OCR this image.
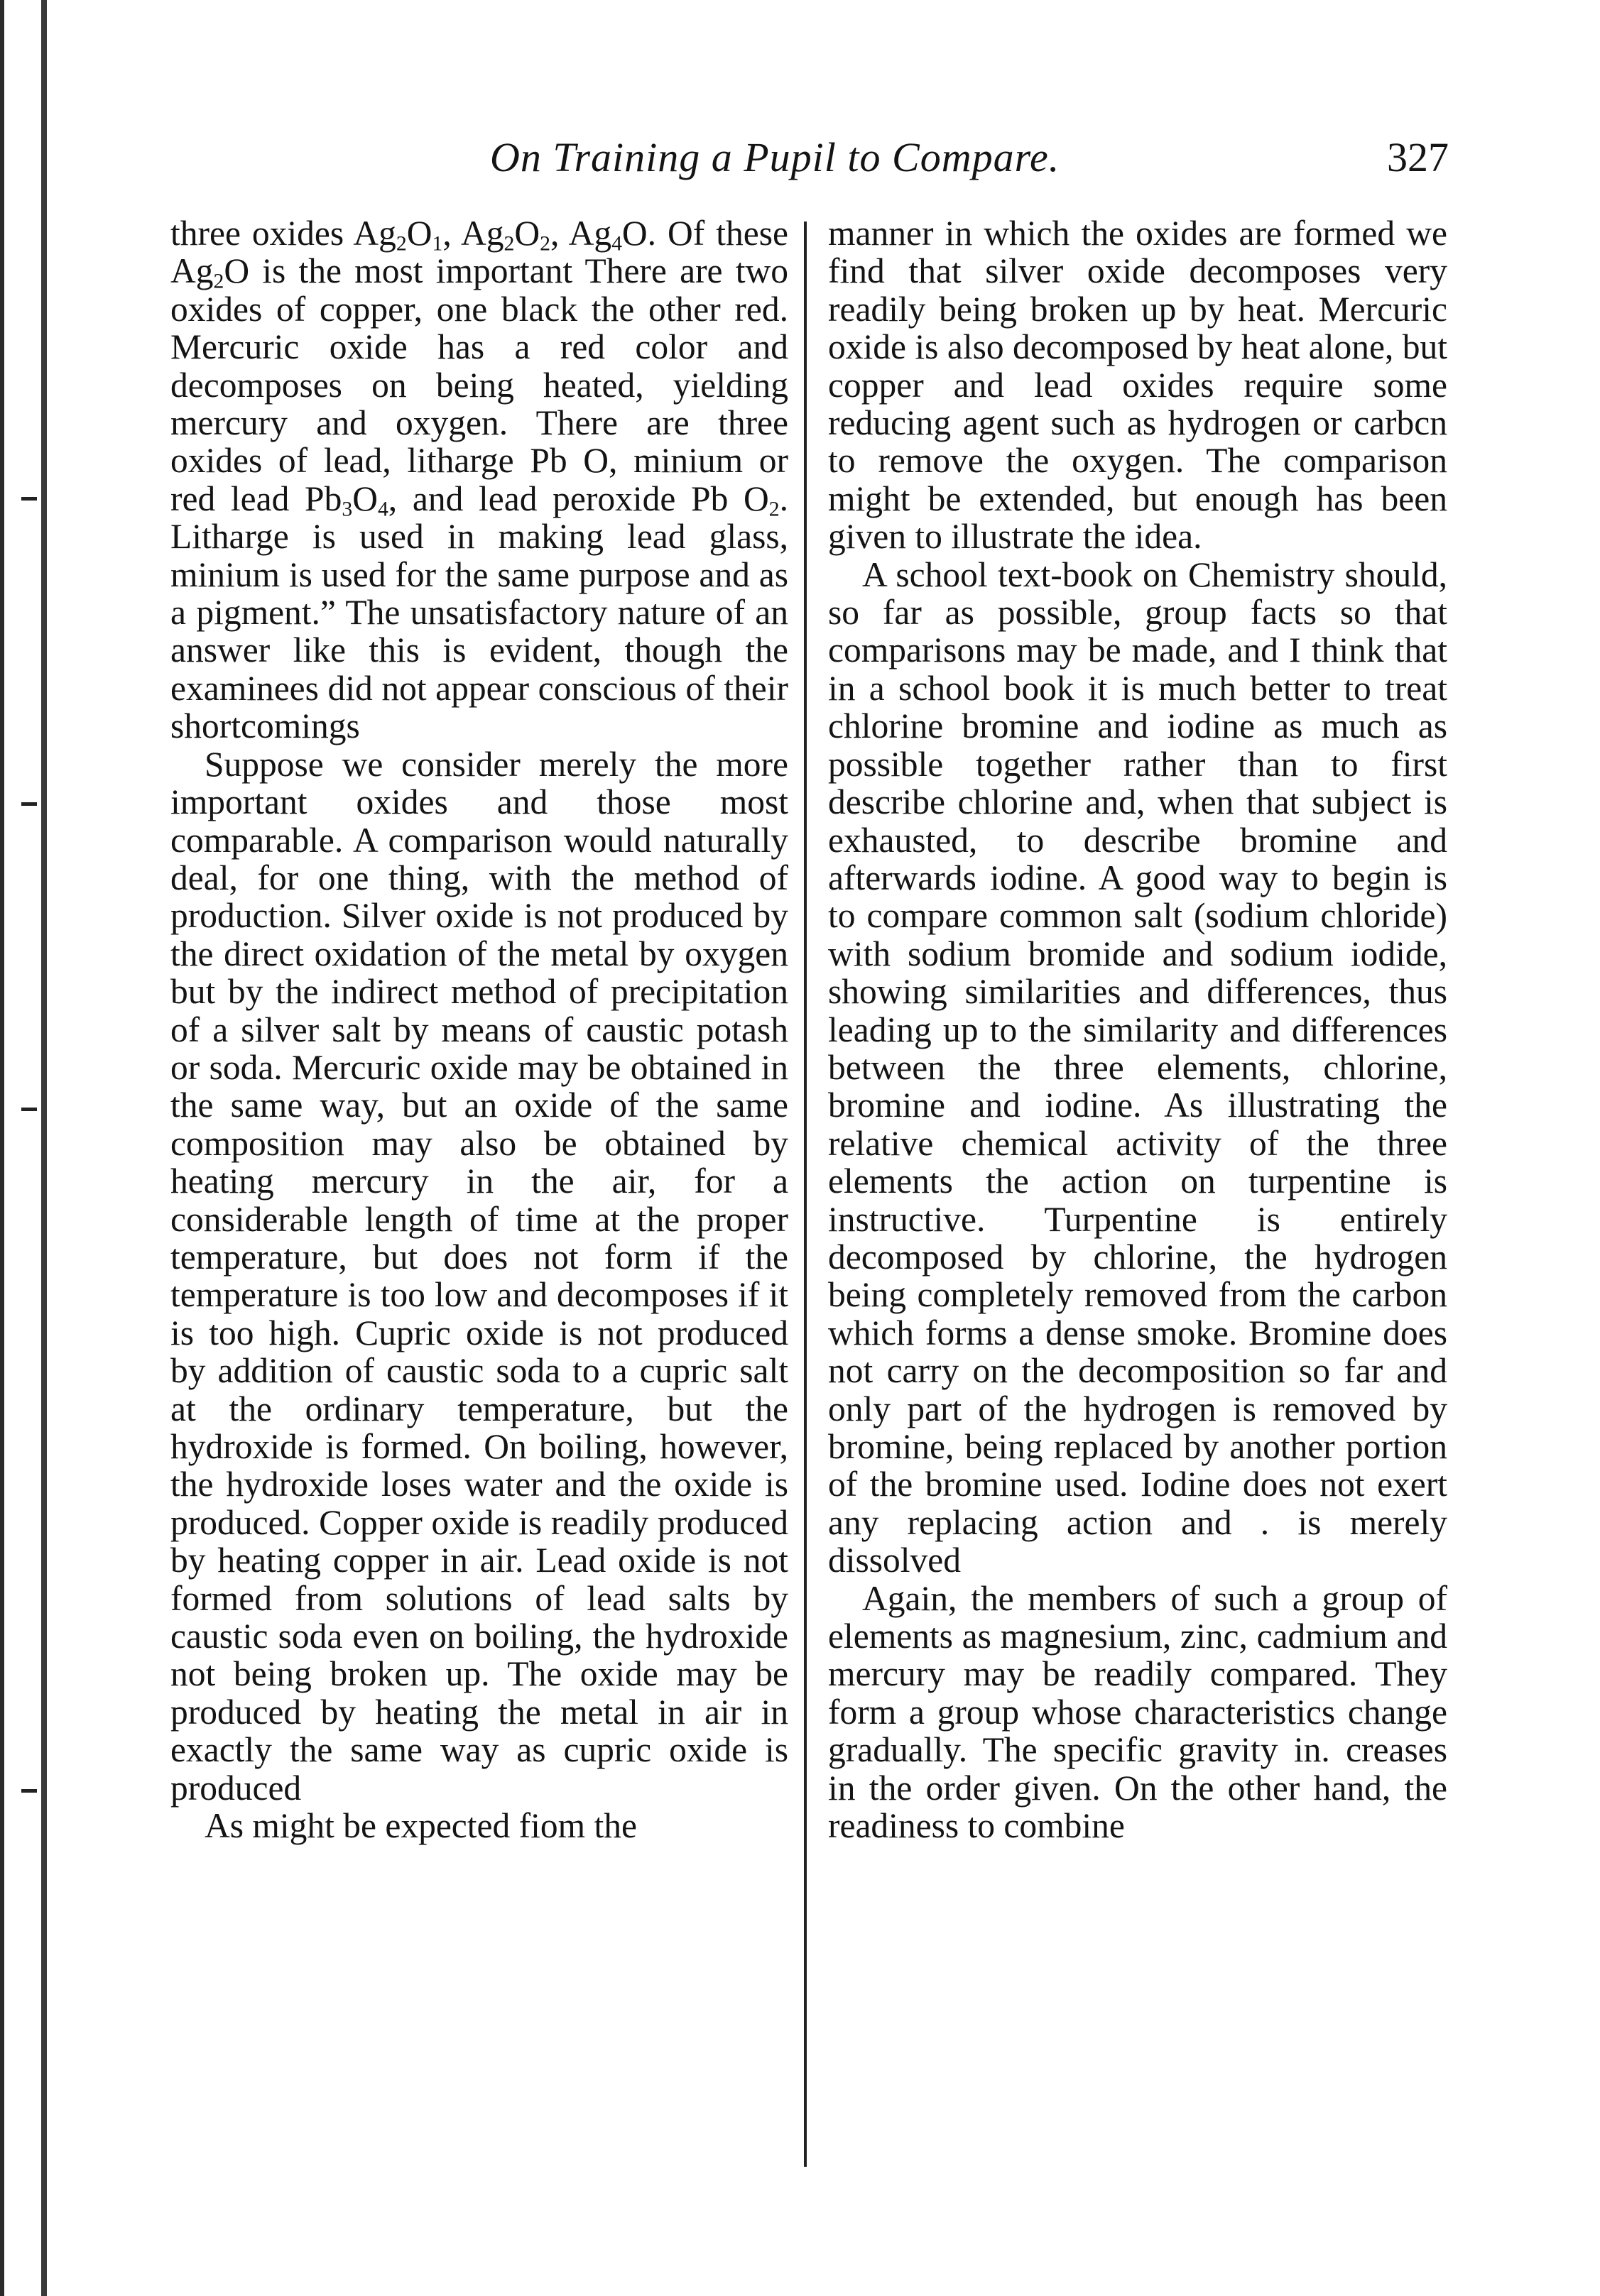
On Training a Pupil to Compare.	327

three oxides $Ag_2O_1$, $Ag_2O_2$, $Ag_4O$. Of these $Ag_2O$ is the most important There are two oxides of copper, one black the other red. Mercuric oxide has a red color and decomposes on being heated, yielding mercury and oxygen. There are three oxides of lead, litharge Pb O, minium or red lead $Pb_3O_4$, and lead peroxide Pb $O_2$. Litharge is used in making lead glass, minium is used for the same purpose and as a pigment.” The unsatisfactory nature of an answer like this is evident, though the examinees did not appear conscious of their shortcomings

Suppose we consider merely the more important oxides and those most comparable. A comparison would naturally deal, for one thing, with the method of production. Silver oxide is not produced by the direct oxidation of the metal by oxygen but by the indirect method of precipitation of a silver salt by means of caustic potash or soda. Mercuric oxide may be obtained in the same way, but an oxide of the same composition may also be obtained by heating mercury in the air, for a considerable length of time at the proper temperature, but does not form if the temperature is too low and decomposes if it is too high. Cupric oxide is not produced by addition of caustic soda to a cupric salt at the ordinary temperature, but the hydroxide is formed. On boiling, however, the hydroxide loses water and the oxide is produced. Copper oxide is readily produced by heating copper in air. Lead oxide is not formed from solutions of lead salts by caustic soda even on boiling, the hydroxide not being broken up. The oxide may be produced by heating the metal in air in exactly the same way as cupric oxide is produced

As might be expected fiom the

manner in which the oxides are formed we find that silver oxide decomposes very readily being broken up by heat. Mercuric oxide is also decomposed by heat alone, but copper and lead oxides require some reducing agent such as hydrogen or carbcn to remove the oxygen. The comparison might be extended, but enough has been given to illustrate the idea.

A school text-book on Chemistry should, so far as possible, group facts so that comparisons may be made, and I think that in a school book it is much better to treat chlorine bromine and iodine as much as possible together rather than to first describe chlorine and, when that subject is exhausted, to describe bromine and afterwards iodine. A good way to begin is to compare common salt (sodium chloride) with sodium bromide and sodium iodide, showing similarities and differences, thus leading up to the similarity and differences between the three elements, chlorine, bromine and iodine. As illustrating the relative chemical activity of the three elements the action on turpentine is instructive. Turpentine is entirely decomposed by chlorine, the hydrogen being completely removed from the carbon which forms a dense smoke. Bromine does not carry on the decomposition so far and only part of the hydrogen is removed by bromine, being replaced by another portion of the bromine used. Iodine does not exert any replacing action and . is merely dissolved

Again, the members of such a group of elements as magnesium, zinc, cadmium and mercury may be readily compared. They form a group whose characteristics change gradually. The specific gravity in. creases in the order given. On the other hand, the readiness to combine
